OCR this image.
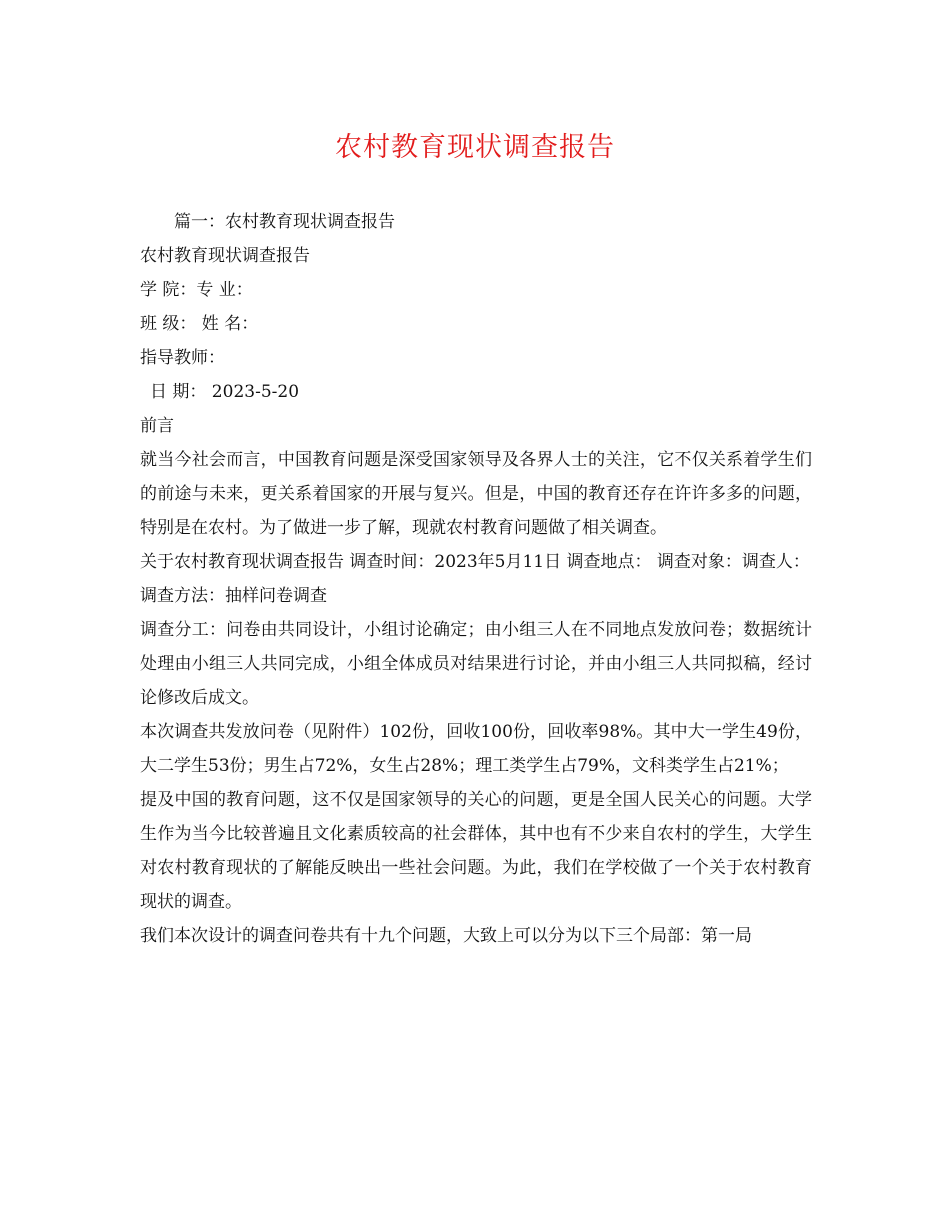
农村教育现状调查报告

篇一：农村教育现状调查报告

农村教育现状调查报告

学 院：专 业：

班 级： 姓 名：

指导教师：

日 期： 2023-5-20

前言

就当今社会而言，中国教育问题是深受国家领导及各界人士的关注，它不仅关系着学生们的前途与未来，更关系着国家的开展与复兴。但是，中国的教育还存在许许多多的问题，特别是在农村。为了做进一步了解，现就农村教育问题做了相关调查。

关于农村教育现状调查报告 调查时间：2023年5月11日 调查地点： 调查对象：调查人：

调查方法：抽样问卷调查

调查分工：问卷由共同设计，小组讨论确定；由小组三人在不同地点发放问卷；数据统计处理由小组三人共同完成，小组全体成员对结果进行讨论，并由小组三人共同拟稿，经讨论修改后成文。

本次调查共发放问卷（见附件）102份，回收100份，回收率98%。其中大一学生49份，大二学生53份；男生占72%，女生占28%；理工类学生占79%，文科类学生占21%；

提及中国的教育问题，这不仅是国家领导的关心的问题，更是全国人民关心的问题。大学生作为当今比较普遍且文化素质较高的社会群体，其中也有不少来自农村的学生，大学生对农村教育现状的了解能反映出一些社会问题。为此，我们在学校做了一个关于农村教育现状的调查。

我们本次设计的调查问卷共有十九个问题，大致上可以分为以下三个局部：第一局
